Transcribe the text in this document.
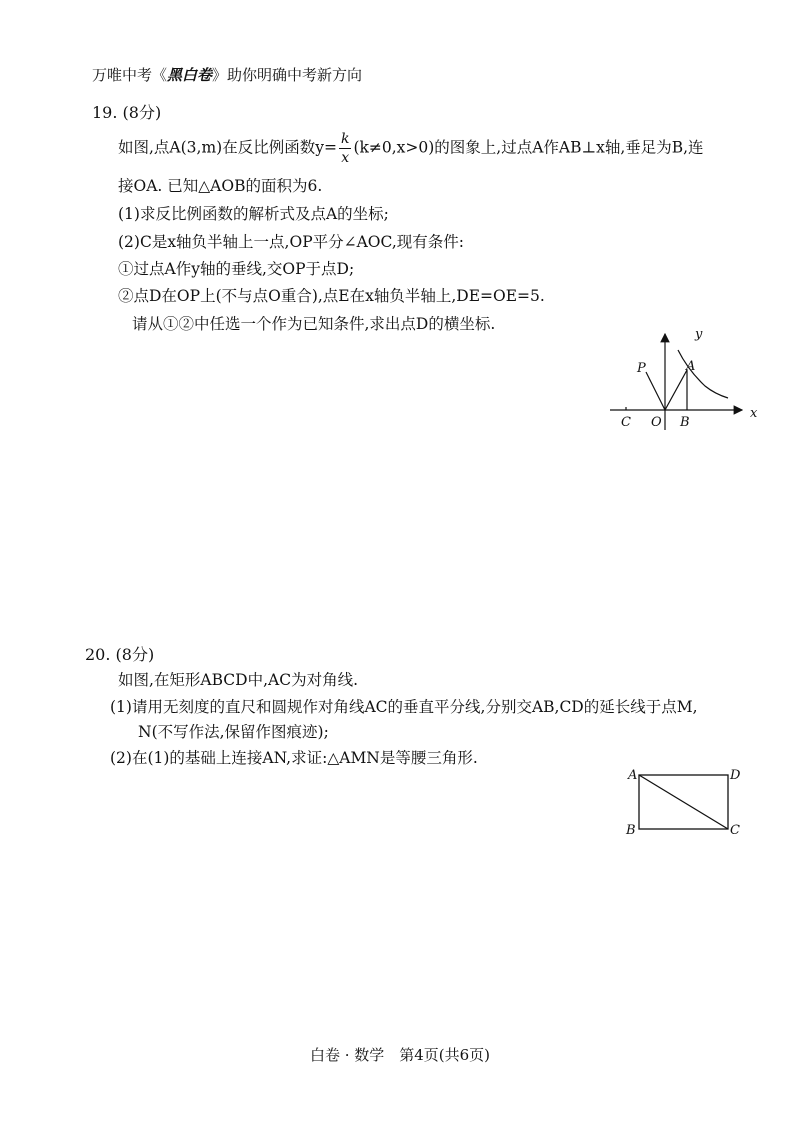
万唯中考《黑白卷》助你明确中考新方向
19. (8分)
如图,点A(3,m)在反比例函数$y= \frac{k}{x} (k\ne 0,x>0)$的图象上,过点A作AB⊥x轴,垂足为B,连
接OA. 已知△AOB的面积为6.
(1)求反比例函数的解析式及点A的坐标;
(2)C是x轴负半轴上一点,OP平分∠AOC,现有条件:
①过点A作y轴的垂线,交OP于点D;
②点D在OP上(不与点O重合),点E在x轴负半轴上,DE=OE=5.
请从①②中任选一个作为已知条件,求出点D的横坐标.
y
x
P	A
C O B
20. (8分)
如图,在矩形ABCD中,AC为对角线.
(1)请用无刻度的直尺和圆规作对角线AC的垂直平分线,分别交AB,CD的延长线于点M,
N(不写作法,保留作图痕迹);
(2)在(1)的基础上连接AN,求证:△AMN是等腰三角形.
A	D
B	C
白卷 · 数学　第4页(共6页)
